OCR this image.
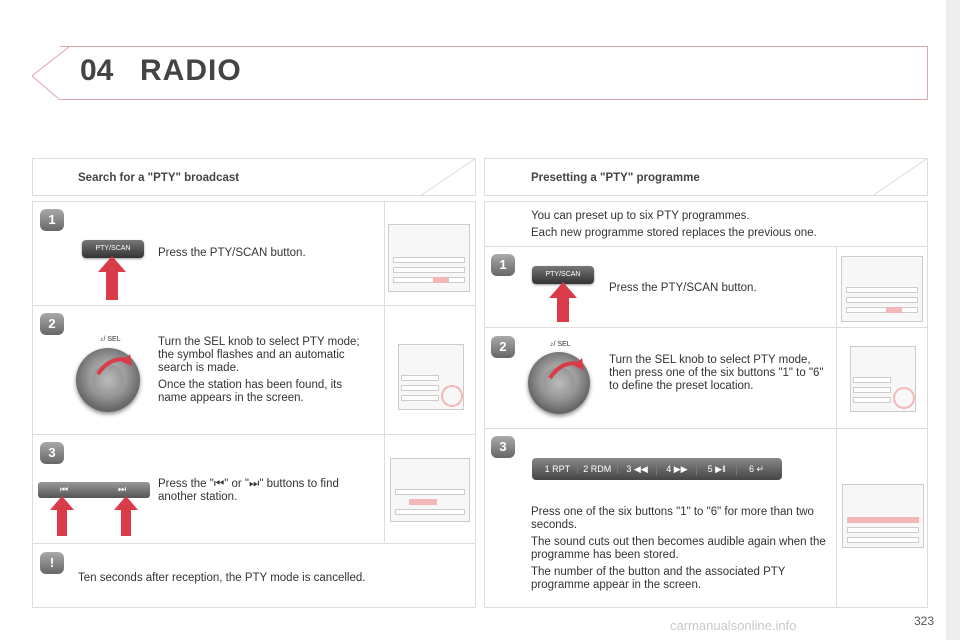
04 RADIO
Search for a "PTY" broadcast
1
PTY/SCAN	Press the PTY/SCAN button.
2
♪/ SEL	Turn the SEL knob to select PTY mode; the symbol flashes and an automatic search is made.

Once the station has been found, its name appears in the screen.

3
⏮	⏭	Press the "⏮" or "⏭" buttons to find another station.
!
Ten seconds after reception, the PTY mode is cancelled.
Presetting a "PTY" programme

You can preset up to six PTY programmes.

Each new programme stored replaces the previous one.

1
PTY/SCAN
Press the PTY/SCAN button.
2	♪/ SEL
Turn the SEL knob to select PTY mode, then press one of the six buttons "1" to "6" to define the preset location.
3
1 RPT	2 RDM	3 ◀◀	4 ▶▶	5 ▶‖	6 ↵

Press one of the six buttons "1" to "6" for more than two seconds.

The sound cuts out then becomes audible again when the programme has been stored.

The number of the button and the associated PTY programme appear in the screen.

323
carmanualsonline.info
